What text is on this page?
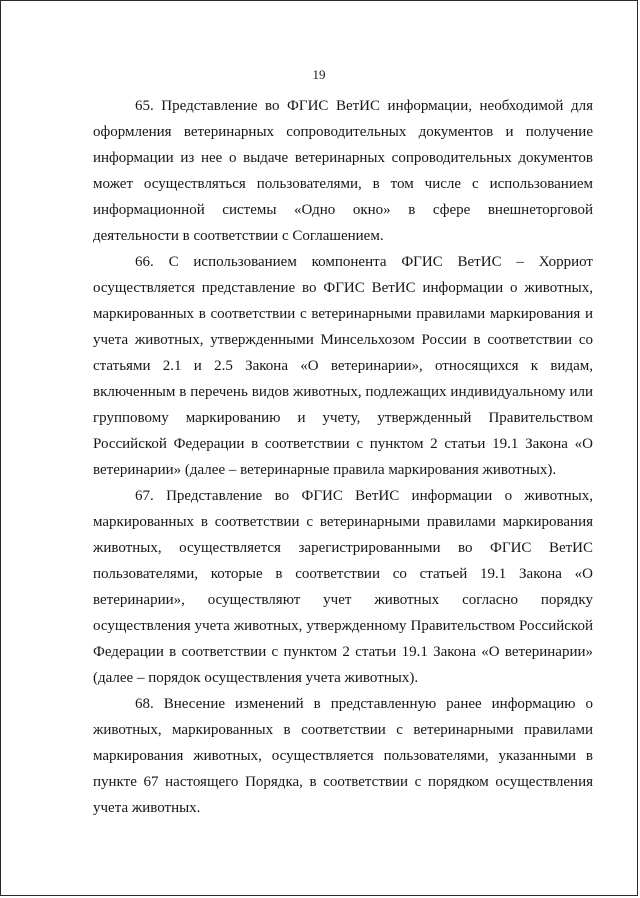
19

65. Представление во ФГИС ВетИС информации, необходимой для оформления ветеринарных сопроводительных документов и получение информации из нее о выдаче ветеринарных сопроводительных документов может осуществляться пользователями, в том числе с использованием информационной системы «Одно окно» в сфере внешнеторговой деятельности в соответствии с Соглашением.

66. С использованием компонента ФГИС ВетИС – Хорриот осуществляется представление во ФГИС ВетИС информации о животных, маркированных в соответствии с ветеринарными правилами маркирования и учета животных, утвержденными Минсельхозом России в соответствии со статьями 2.1 и 2.5 Закона «О ветеринарии», относящихся к видам, включенным в перечень видов животных, подлежащих индивидуальному или групповому маркированию и учету, утвержденный Правительством Российской Федерации в соответствии с пунктом 2 статьи 19.1 Закона «О ветеринарии» (далее – ветеринарные правила маркирования животных).

67. Представление во ФГИС ВетИС информации о животных, маркированных в соответствии с ветеринарными правилами маркирования животных, осуществляется зарегистрированными во ФГИС ВетИС пользователями, которые в соответствии со статьей 19.1 Закона «О ветеринарии», осуществляют учет животных согласно порядку осуществления учета животных, утвержденному Правительством Российской Федерации в соответствии с пунктом 2 статьи 19.1 Закона «О ветеринарии» (далее – порядок осуществления учета животных).

68. Внесение изменений в представленную ранее информацию о животных, маркированных в соответствии с ветеринарными правилами маркирования животных, осуществляется пользователями, указанными в пункте 67 настоящего Порядка, в соответствии с порядком осуществления учета животных.
